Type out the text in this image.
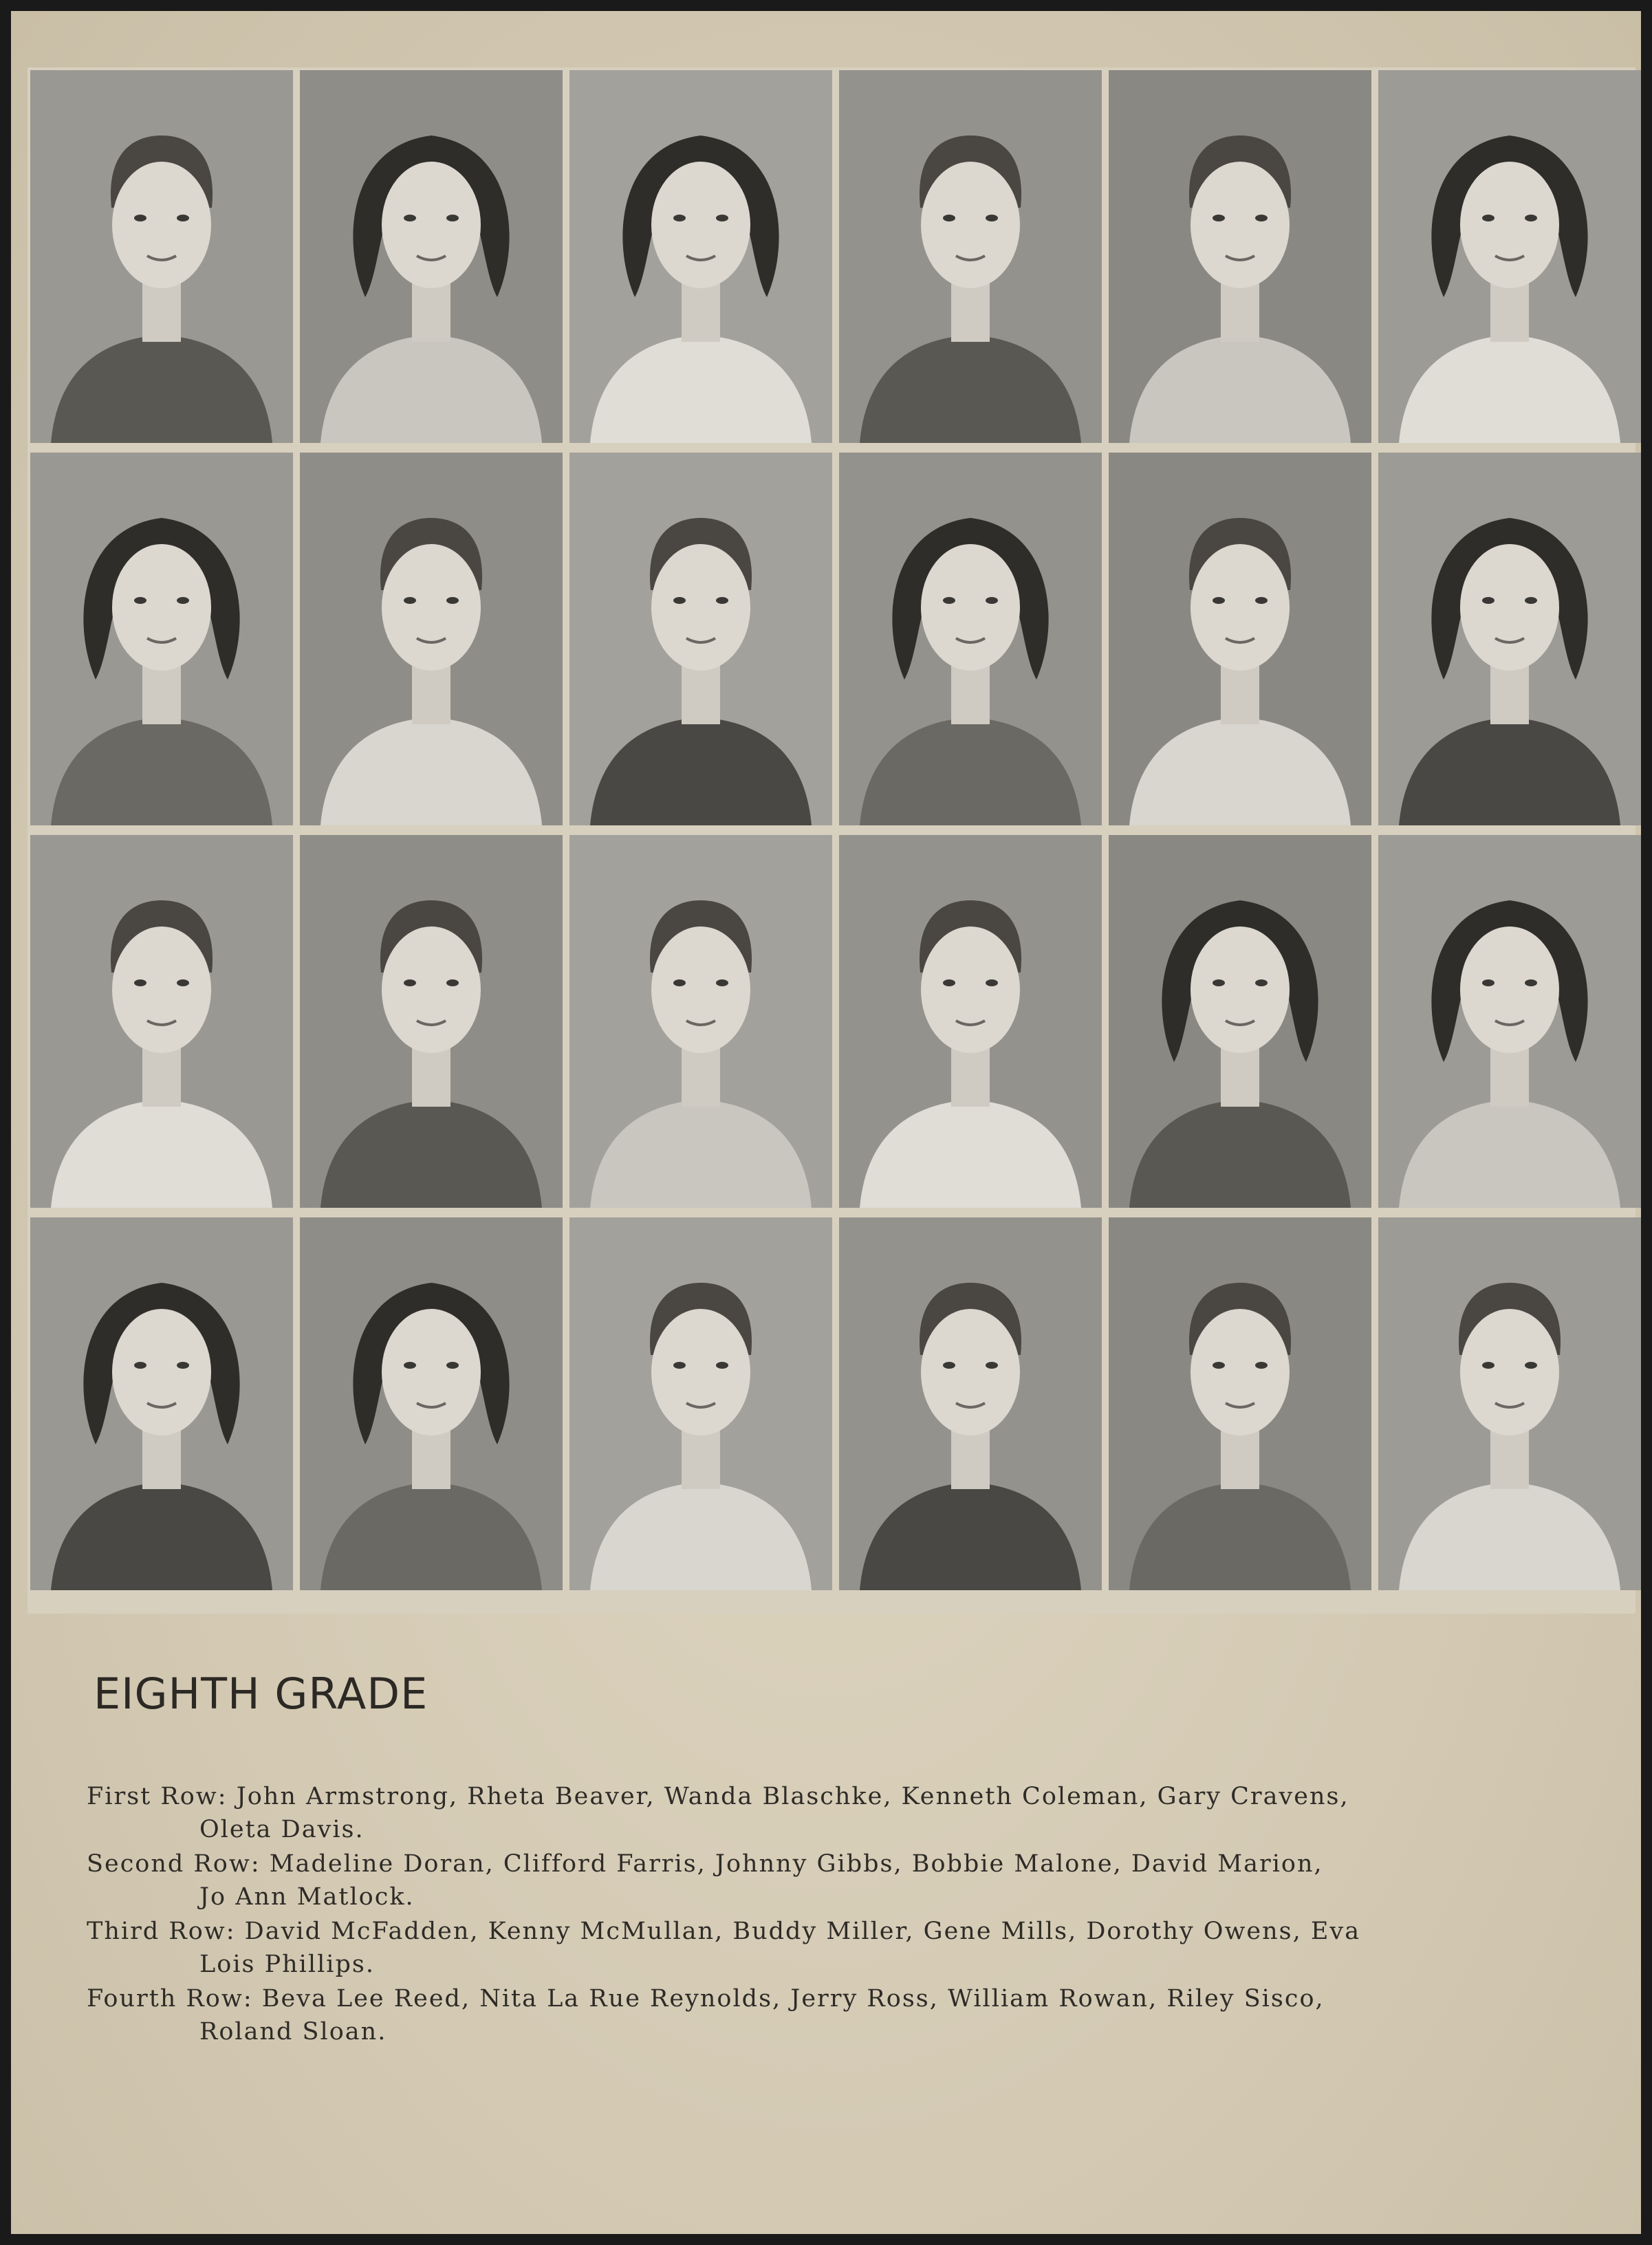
EIGHTH GRADE
First Row: John Armstrong, Rheta Beaver, Wanda Blaschke, Kenneth Coleman, Gary Cravens,
Oleta Davis.
Second Row: Madeline Doran, Clifford Farris, Johnny Gibbs, Bobbie Malone, David Marion,
Jo Ann Matlock.
Third Row: David McFadden, Kenny McMullan, Buddy Miller, Gene Mills, Dorothy Owens, Eva
Lois Phillips.
Fourth Row: Beva Lee Reed, Nita La Rue Reynolds, Jerry Ross, William Rowan, Riley Sisco,
Roland Sloan.
